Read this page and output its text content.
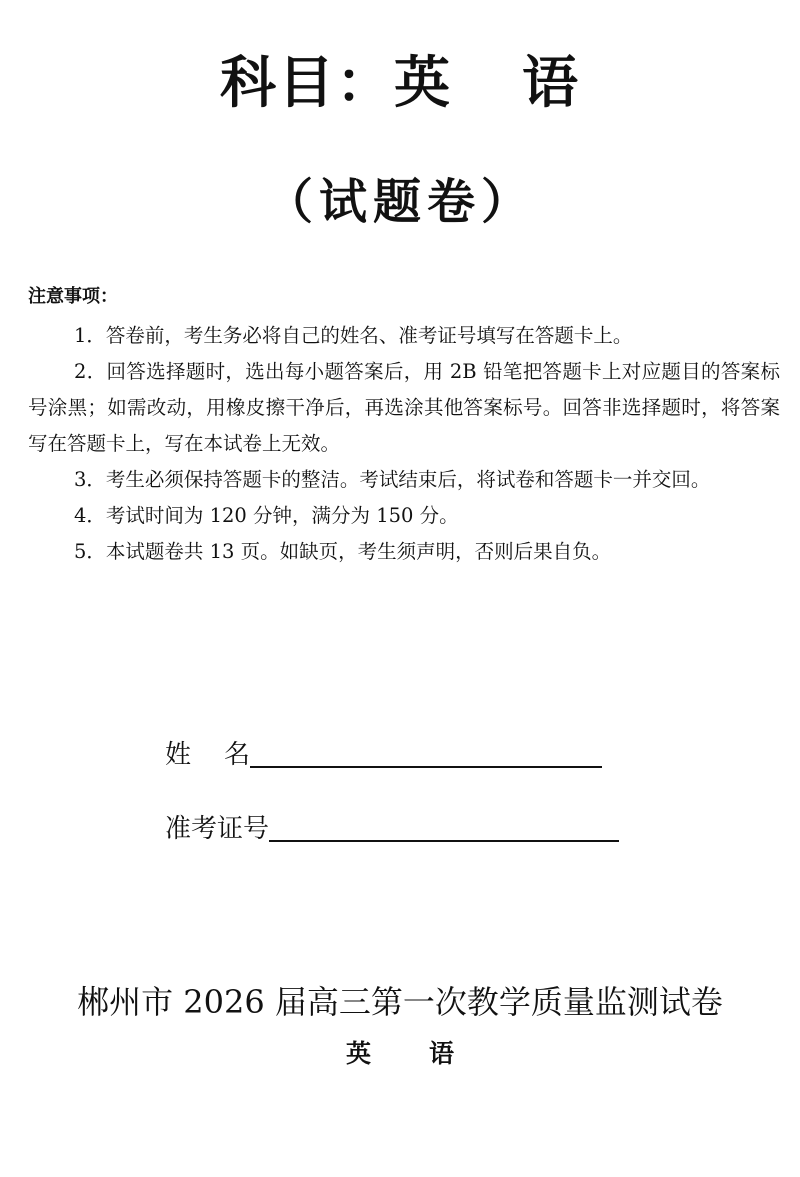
科目：英 语
（试题卷）
注意事项：

1．答卷前，考生务必将自己的姓名、准考证号填写在答题卡上。

2．回答选择题时，选出每小题答案后，用 2B 铅笔把答题卡上对应题目的答案标号涂黑；如需改动，用橡皮擦干净后，再选涂其他答案标号。回答非选择题时，将答案写在答题卡上，写在本试卷上无效。

3．考生必须保持答题卡的整洁。考试结束后，将试卷和答题卡一并交回。

4．考试时间为 120 分钟，满分为 150 分。

5．本试题卷共 13 页。如缺页，考生须声明，否则后果自负。

姓    名
准考证号
郴州市 2026 届高三第一次教学质量监测试卷
英 语
